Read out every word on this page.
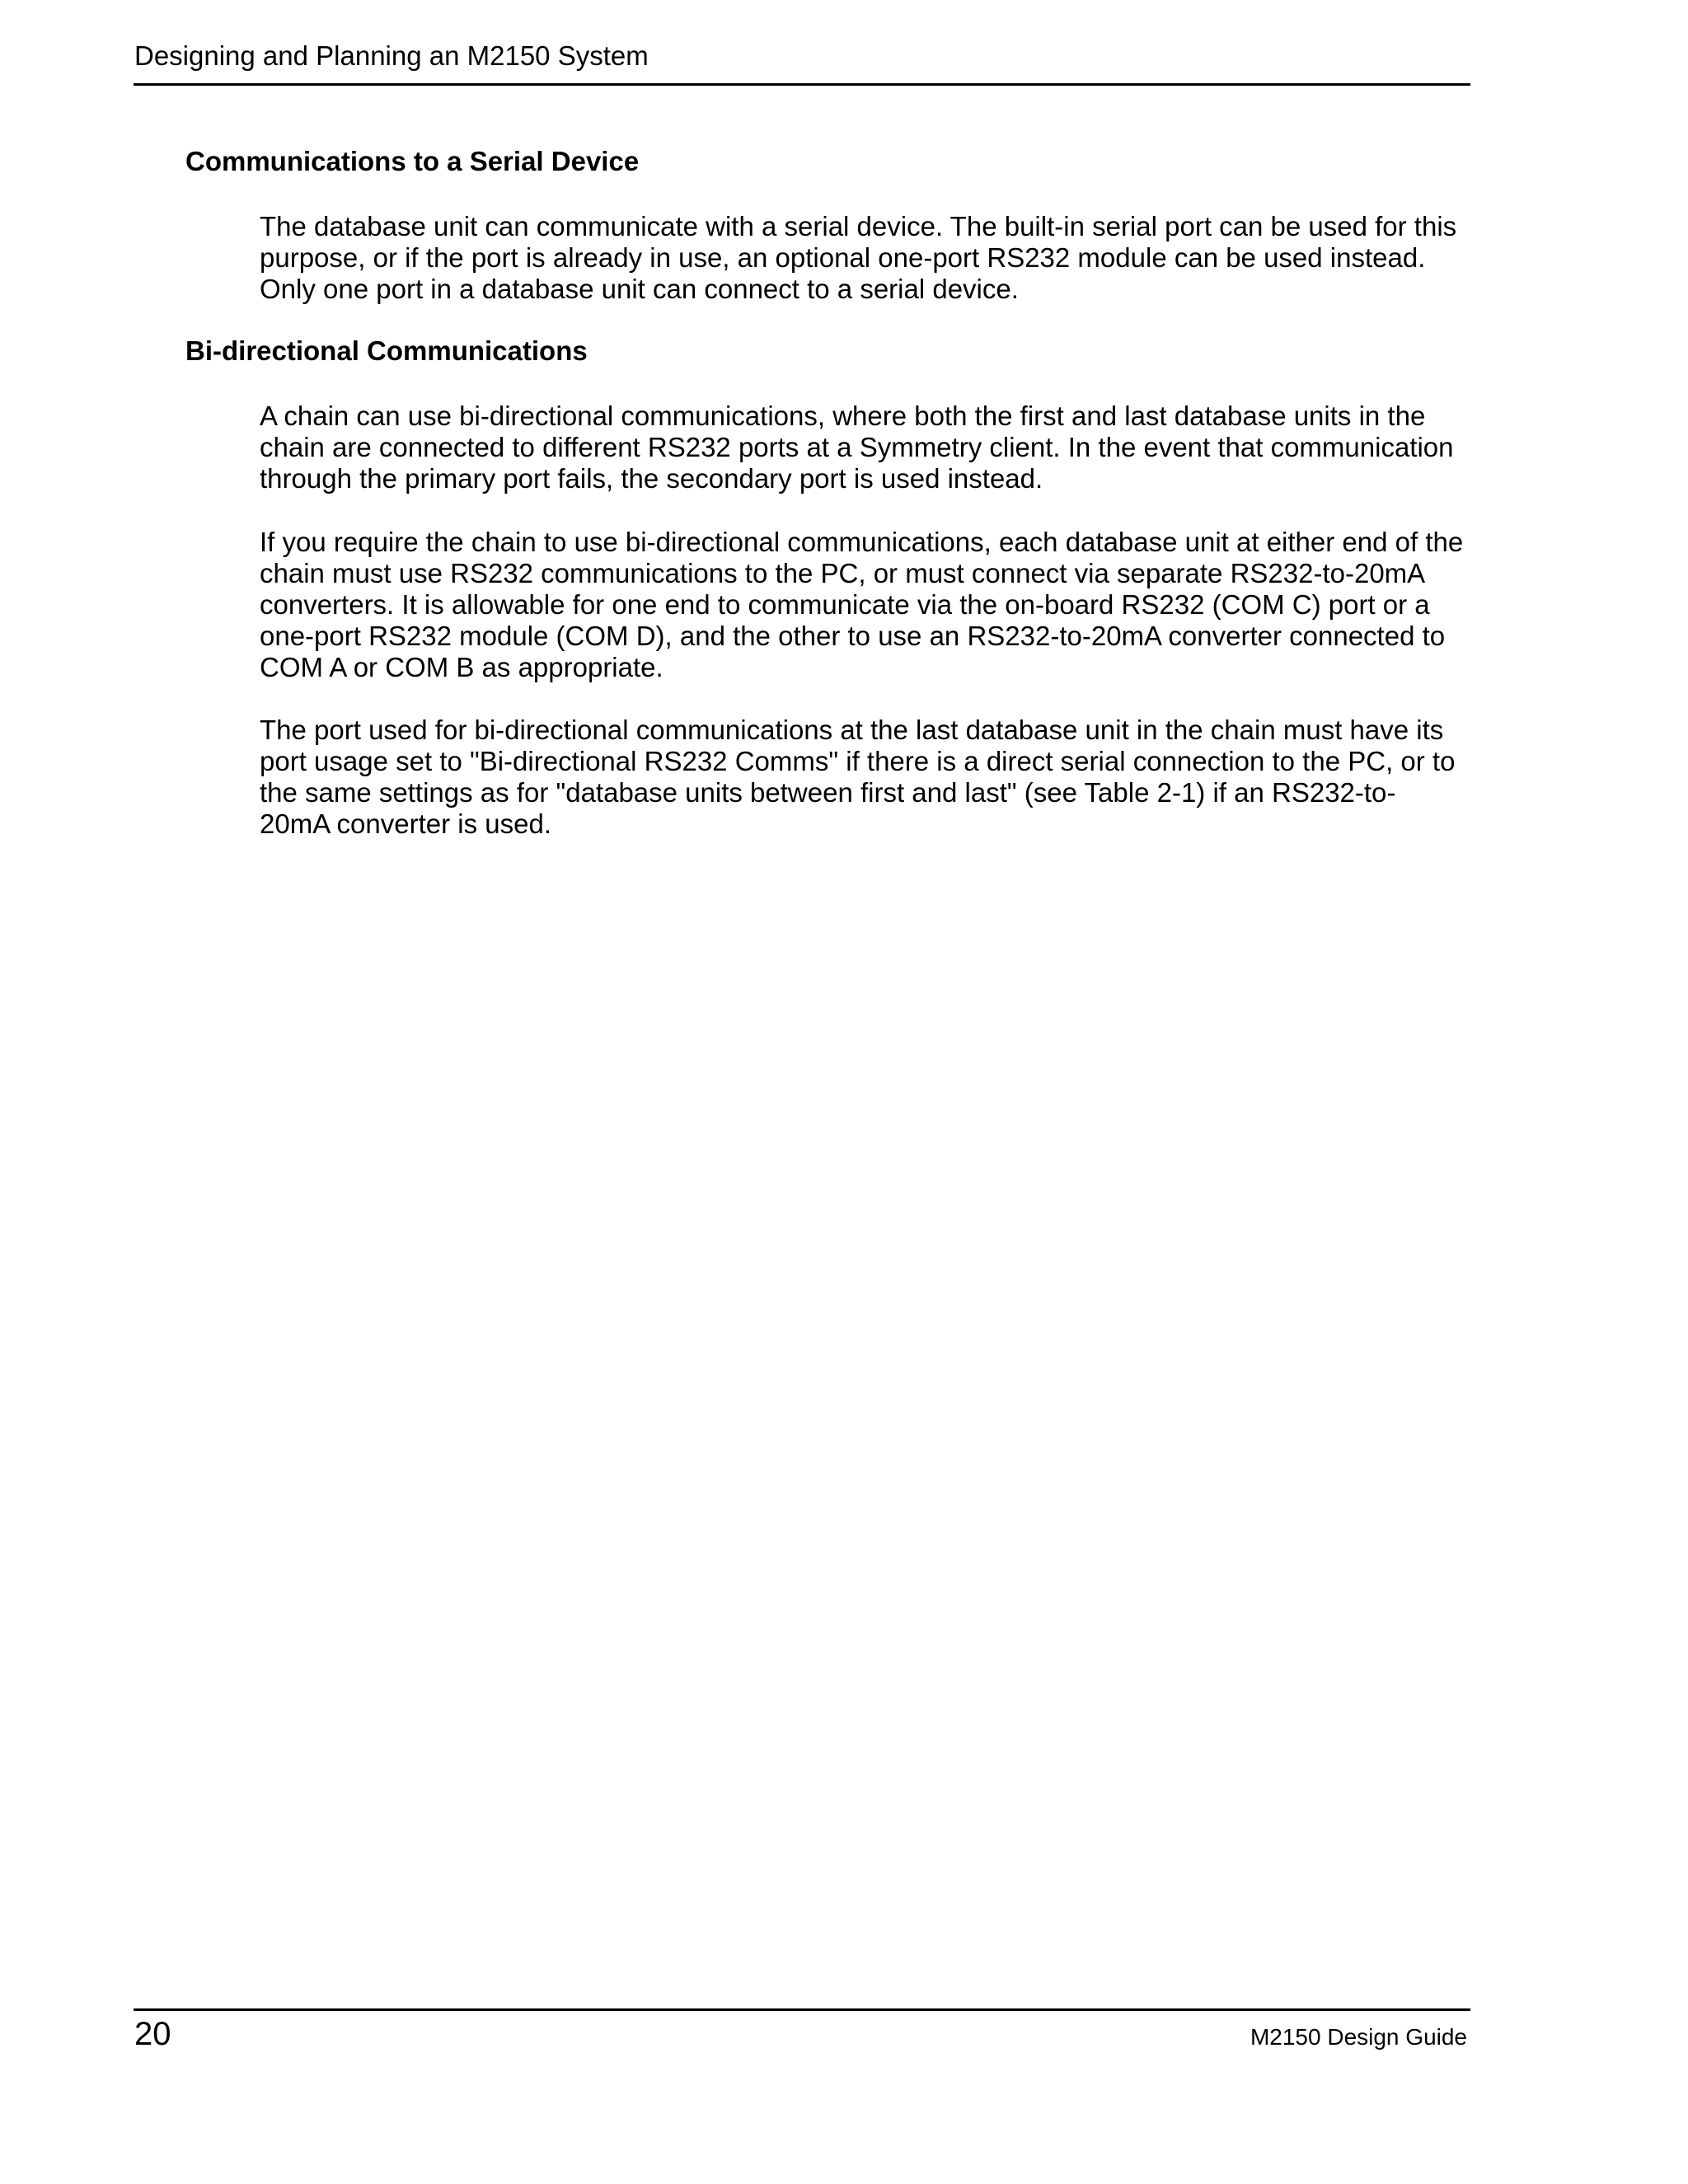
Designing and Planning an M2150 System
Communications to a Serial Device
The database unit can communicate with a serial device. The built-in serial port can be used for this
purpose, or if the port is already in use, an optional one-port RS232 module can be used instead.
Only one port in a database unit can connect to a serial device.
Bi-directional Communications
A chain can use bi-directional communications, where both the first and last database units in the
chain are connected to different RS232 ports at a Symmetry client. In the event that communication
through the primary port fails, the secondary port is used instead.
If you require the chain to use bi-directional communications, each database unit at either end of the
chain must use RS232 communications to the PC, or must connect via separate RS232-to-20mA
converters. It is allowable for one end to communicate via the on-board RS232 (COM C) port or a
one-port RS232 module (COM D), and the other to use an RS232-to-20mA converter connected to
COM A or COM B as appropriate.
The port used for bi-directional communications at the last database unit in the chain must have its
port usage set to "Bi-directional RS232 Comms" if there is a direct serial connection to the PC, or to
the same settings as for "database units between first and last" (see Table 2-1) if an RS232-to-
20mA converter is used.
20	M2150 Design Guide
